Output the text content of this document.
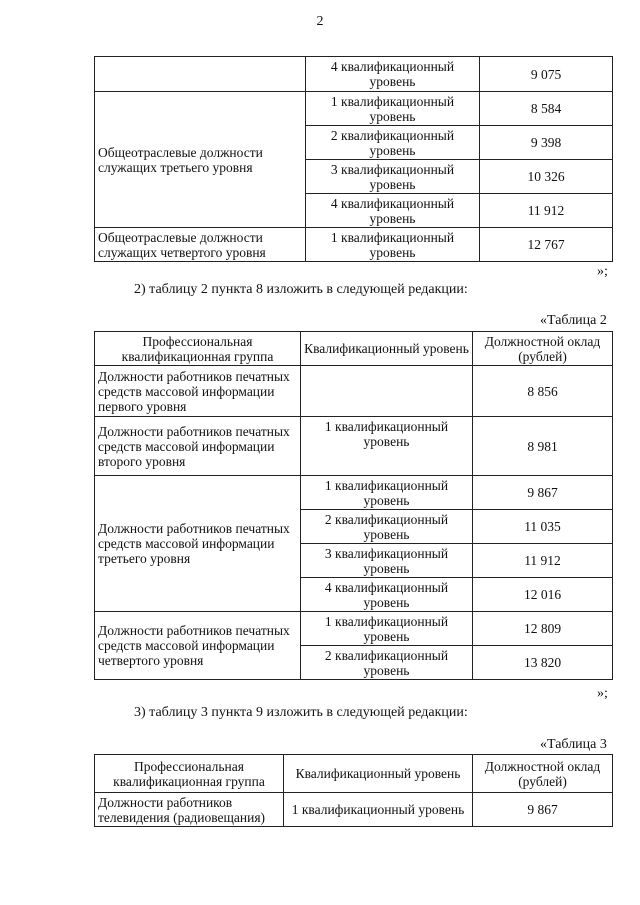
2
	4 квалификационный уровень	9 075
Общеотраслевые должности служащих третьего уровня	1 квалификационный уровень	8 584
	2 квалификационный уровень	9 398
	3 квалификационный уровень	10 326
	4 квалификационный уровень	11 912
Общеотраслевые должности служащих четвертого уровня	1 квалификационный уровень	12 767
»;
2) таблицу 2 пункта 8 изложить в следующей редакции:
«Таблица 2
Профессиональная квалификационная группа	Квалификационный уровень	Должностной оклад (рублей)
Должности работников печатных средств массовой информации первого уровня		8 856
Должности работников печатных средств массовой информации второго уровня	1 квалификационный уровень	8 981
Должности работников печатных средств массовой информации третьего уровня	1 квалификационный уровень	9 867
	2 квалификационный уровень	11 035
	3 квалификационный уровень	11 912
	4 квалификационный уровень	12 016
Должности работников печатных средств массовой информации четвертого уровня	1 квалификационный уровень	12 809
	2 квалификационный уровень	13 820
»;
3) таблицу 3 пункта 9 изложить в следующей редакции:
«Таблица 3
Профессиональная квалификационная группа	Квалификационный уровень	Должностной оклад (рублей)
Должности работников телевидения (радиовещания)	1 квалификационный уровень	9 867
